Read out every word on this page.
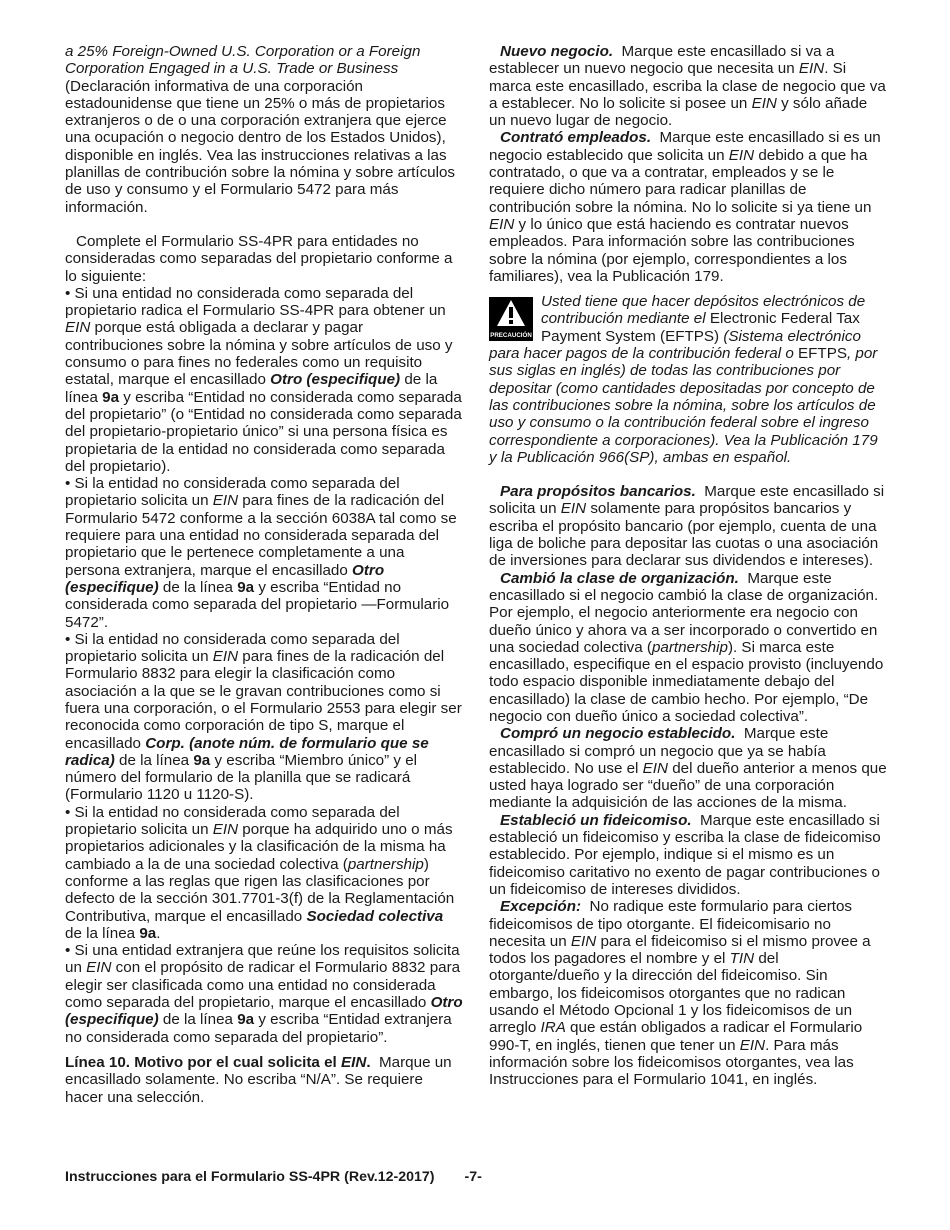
a 25% Foreign-Owned U.S. Corporation or a Foreign Corporation Engaged in a U.S. Trade or Business (Declaración informativa de una corporación estadounidense que tiene un 25% o más de propietarios extranjeros o de o una corporación extranjera que ejerce una ocupación o negocio dentro de los Estados Unidos), disponible en inglés. Vea las instrucciones relativas a las planillas de contribución sobre la nómina y sobre artículos de uso y consumo y el Formulario 5472 para más información.

Complete el Formulario SS-4PR para entidades no consideradas como separadas del propietario conforme a lo siguiente:

• Si una entidad no considerada como separada del propietario radica el Formulario SS-4PR para obtener un EIN porque está obligada a declarar y pagar contribuciones sobre la nómina y sobre artículos de uso y consumo o para fines no federales como un requisito estatal, marque el encasillado Otro (especifique) de la línea 9a y escriba “Entidad no considerada como separada del propietario” (o “Entidad no considerada como separada del propietario-propietario único” si una persona física es propietaria de la entidad no considerada como separada del propietario).

• Si la entidad no considerada como separada del propietario solicita un EIN para fines de la radicación del Formulario 5472 conforme a la sección 6038A tal como se requiere para una entidad no considerada separada del propietario que le pertenece completamente a una persona extranjera, marque el encasillado Otro (especifique) de la línea 9a y escriba “Entidad no considerada como separada del propietario —Formulario 5472”.

• Si la entidad no considerada como separada del propietario solicita un EIN para fines de la radicación del Formulario 8832 para elegir la clasificación como asociación a la que se le gravan contribuciones como si fuera una corporación, o el Formulario 2553 para elegir ser reconocida como corporación de tipo S, marque el encasillado Corp. (anote núm. de formulario que se radica) de la línea 9a y escriba “Miembro único” y el número del formulario de la planilla que se radicará (Formulario 1120 u 1120-S).

• Si la entidad no considerada como separada del propietario solicita un EIN porque ha adquirido uno o más propietarios adicionales y la clasificación de la misma ha cambiado a la de una sociedad colectiva (partnership) conforme a las reglas que rigen las clasificaciones por defecto de la sección 301.7701-3(f) de la Reglamentación Contributiva, marque el encasillado Sociedad colectiva de la línea 9a.

• Si una entidad extranjera que reúne los requisitos solicita un EIN con el propósito de radicar el Formulario 8832 para elegir ser clasificada como una entidad no considerada como separada del propietario, marque el encasillado Otro (especifique) de la línea 9a y escriba “Entidad extranjera no considerada como separada del propietario”.

Línea 10. Motivo por el cual solicita el EIN. Marque un encasillado solamente. No escriba “N/A”. Se requiere hacer una selección.

Nuevo negocio. Marque este encasillado si va a establecer un nuevo negocio que necesita un EIN. Si marca este encasillado, escriba la clase de negocio que va a establecer. No lo solicite si posee un EIN y sólo añade un nuevo lugar de negocio.

Contrató empleados. Marque este encasillado si es un negocio establecido que solicita un EIN debido a que ha contratado, o que va a contratar, empleados y se le requiere dicho número para radicar planillas de contribución sobre la nómina. No lo solicite si ya tiene un EIN y lo único que está haciendo es contratar nuevos empleados. Para información sobre las contribuciones sobre la nómina (por ejemplo, correspondientes a los familiares), vea la Publicación 179.

PRECAUCIÓN

Usted tiene que hacer depósitos electrónicos de contribución mediante el Electronic Federal Tax Payment System (EFTPS) (Sistema electrónico para hacer pagos de la contribución federal o EFTPS, por sus siglas en inglés) de todas las contribuciones por depositar (como cantidades depositadas por concepto de las contribuciones sobre la nómina, sobre los artículos de uso y consumo o la contribución federal sobre el ingreso correspondiente a corporaciones). Vea la Publicación 179 y la Publicación 966(SP), ambas en español.

Para propósitos bancarios. Marque este encasillado si solicita un EIN solamente para propósitos bancarios y escriba el propósito bancario (por ejemplo, cuenta de una liga de boliche para depositar las cuotas o una asociación de inversiones para declarar sus dividendos e intereses).

Cambió la clase de organización. Marque este encasillado si el negocio cambió la clase de organización. Por ejemplo, el negocio anteriormente era negocio con dueño único y ahora va a ser incorporado o convertido en una sociedad colectiva (partnership). Si marca este encasillado, especifique en el espacio provisto (incluyendo todo espacio disponible inmediatamente debajo del encasillado) la clase de cambio hecho. Por ejemplo, “De negocio con dueño único a sociedad colectiva”.

Compró un negocio establecido. Marque este encasillado si compró un negocio que ya se había establecido. No use el EIN del dueño anterior a menos que usted haya logrado ser “dueño” de una corporación mediante la adquisición de las acciones de la misma.

Estableció un fideicomiso. Marque este encasillado si estableció un fideicomiso y escriba la clase de fideicomiso establecido. Por ejemplo, indique si el mismo es un fideicomiso caritativo no exento de pagar contribuciones o un fideicomiso de intereses divididos.

Excepción: No radique este formulario para ciertos fideicomisos de tipo otorgante. El fideicomisario no necesita un EIN para el fideicomiso si el mismo provee a todos los pagadores el nombre y el TIN del otorgante/dueño y la dirección del fideicomiso. Sin embargo, los fideicomisos otorgantes que no radican usando el Método Opcional 1 y los fideicomisos de un arreglo IRA que están obligados a radicar el Formulario 990-T, en inglés, tienen que tener un EIN. Para más información sobre los fideicomisos otorgantes, vea las Instrucciones para el Formulario 1041, en inglés.

Instrucciones para el Formulario SS-4PR (Rev.12-2017) -7-
